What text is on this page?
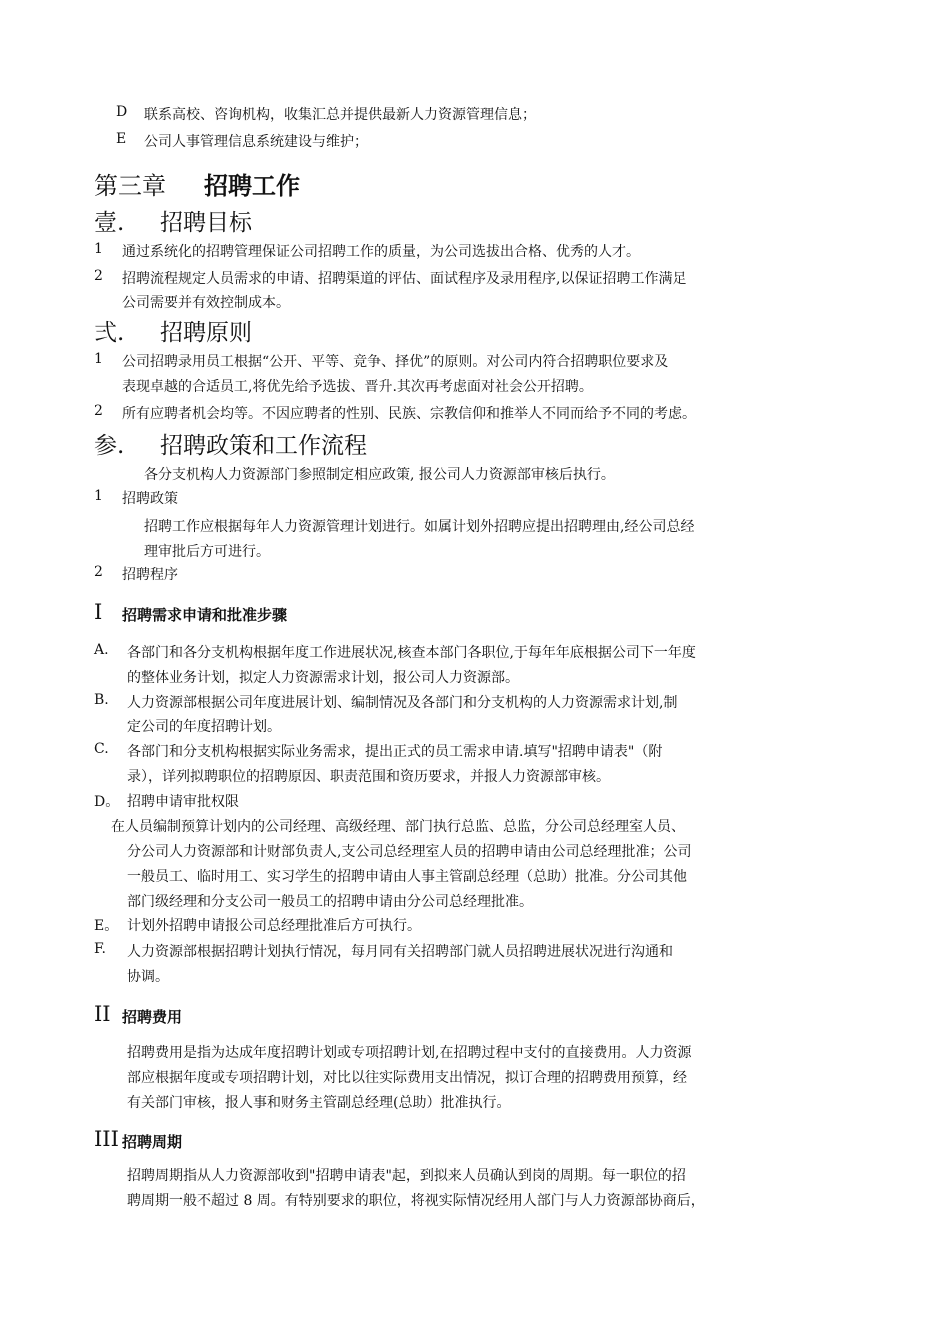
D 联系高校、咨询机构，收集汇总并提供最新人力资源管理信息；
E 公司人事管理信息系统建设与维护；
第三章 招聘工作
壹. 招聘目标
1 通过系统化的招聘管理保证公司招聘工作的质量，为公司选拔出合格、优秀的人才。
2 招聘流程规定人员需求的申请、招聘渠道的评估、面试程序及录用程序,以保证招聘工作满足
公司需要并有效控制成本。
弍. 招聘原则
1 公司招聘录用员工根据“公开、平等、竞争、择优”的原则。对公司内符合招聘职位要求及
表现卓越的合适员工,将优先给予选拔、晋升.其次再考虑面对社会公开招聘。
2 所有应聘者机会均等。不因应聘者的性别、民族、宗教信仰和推举人不同而给予不同的考虑。
参. 招聘政策和工作流程
各分支机构人力资源部门参照制定相应政策, 报公司人力资源部审核后执行。
1 招聘政策
招聘工作应根据每年人力资源管理计划进行。如属计划外招聘应提出招聘理由,经公司总经
理审批后方可进行。
2 招聘程序
I 招聘需求申请和批准步骤
A. 各部门和各分支机构根据年度工作进展状况,核查本部门各职位,于每年年底根据公司下一年度
的整体业务计划，拟定人力资源需求计划，报公司人力资源部。
B. 人力资源部根据公司年度进展计划、编制情况及各部门和分支机构的人力资源需求计划,制
定公司的年度招聘计划。
C. 各部门和分支机构根据实际业务需求，提出正式的员工需求申请.填写"招聘申请表"（附
录），详列拟聘职位的招聘原因、职责范围和资历要求，并报人力资源部审核。
D。 招聘申请审批权限
在人员编制预算计划内的公司经理、高级经理、部门执行总监、总监，分公司总经理室人员、
分公司人力资源部和计财部负责人,支公司总经理室人员的招聘申请由公司总经理批准；公司
一般员工、临时用工、实习学生的招聘申请由人事主管副总经理（总助）批准。分公司其他
部门级经理和分支公司一般员工的招聘申请由分公司总经理批准。
E。 计划外招聘申请报公司总经理批准后方可执行。
F. 人力资源部根据招聘计划执行情况，每月同有关招聘部门就人员招聘进展状况进行沟通和
协调。
II 招聘费用
招聘费用是指为达成年度招聘计划或专项招聘计划,在招聘过程中支付的直接费用。人力资源
部应根据年度或专项招聘计划，对比以往实际费用支出情况，拟订合理的招聘费用预算，经
有关部门审核，报人事和财务主管副总经理(总助）批准执行。
III 招聘周期
招聘周期指从人力资源部收到"招聘申请表"起，到拟来人员确认到岗的周期。每一职位的招
聘周期一般不超过 8 周。有特别要求的职位，将视实际情况经用人部门与人力资源部协商后，
